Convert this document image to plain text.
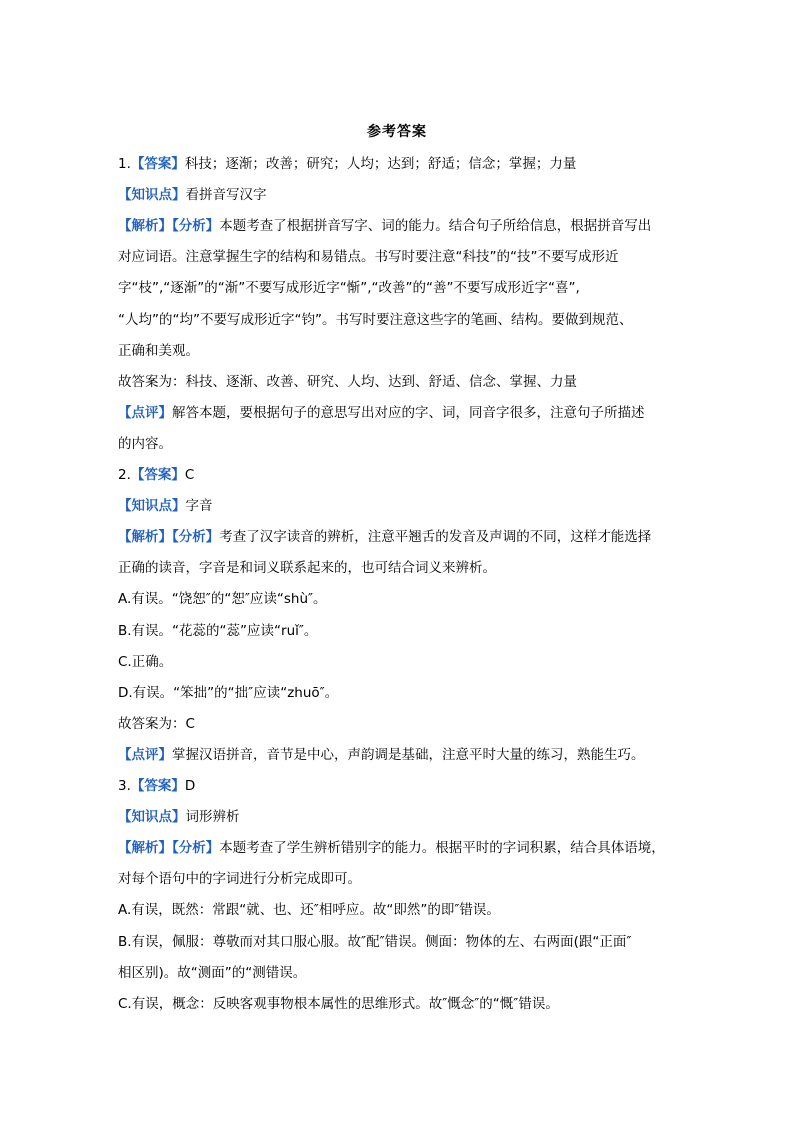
参考答案
1.【答案】科技；逐渐；改善；研究；人均；达到；舒适；信念；掌握；力量
【知识点】看拼音写汉字
【解析】【分析】本题考查了根据拼音写字、词的能力。结合句子所给信息，根据拼音写出
对应词语。注意掌握生字的结构和易错点。书写时要注意“科技”的“技”不要写成形近
字“枝”,“逐渐”的“渐”不要写成形近字“惭”,“改善”的“善”不要写成形近字“喜”,
“人均”的“均”不要写成形近字“钧”。书写时要注意这些字的笔画、结构。要做到规范、
正确和美观。
故答案为：科技、逐渐、改善、研究、人均、达到、舒适、信念、掌握、力量
【点评】解答本题，要根据句子的意思写出对应的字、词，同音字很多，注意句子所描述
的内容。
2.【答案】C
【知识点】字音
【解析】【分析】考查了汉字读音的辨析，注意平翘舌的发音及声调的不同，这样才能选择
正确的读音，字音是和词义联系起来的，也可结合词义来辨析。
A.有误。“饶恕″的“恕″应读“shù″。
B.有误。“花蕊的“蕊”应读“ruǐ″。
C.正确。
D.有误。“笨拙”的“拙″应读“zhuō″。
故答案为：C
【点评】掌握汉语拼音，音节是中心，声韵调是基础，注意平时大量的练习，熟能生巧。
3.【答案】D
【知识点】词形辨析
【解析】【分析】本题考查了学生辨析错别字的能力。根据平时的字词积累，结合具体语境，
对每个语句中的字词进行分析完成即可。
A.有误，既然：常跟“就、也、还″相呼应。故“即然”的即″错误。
B.有误，佩服：尊敬而对其口服心服。故″配″错误。侧面：物体的左、右两面(跟“正面″
相区别)。故“测面”的“测错误。
C.有误，概念：反映客观事物根本属性的思维形式。故″慨念″的“慨″错误。
